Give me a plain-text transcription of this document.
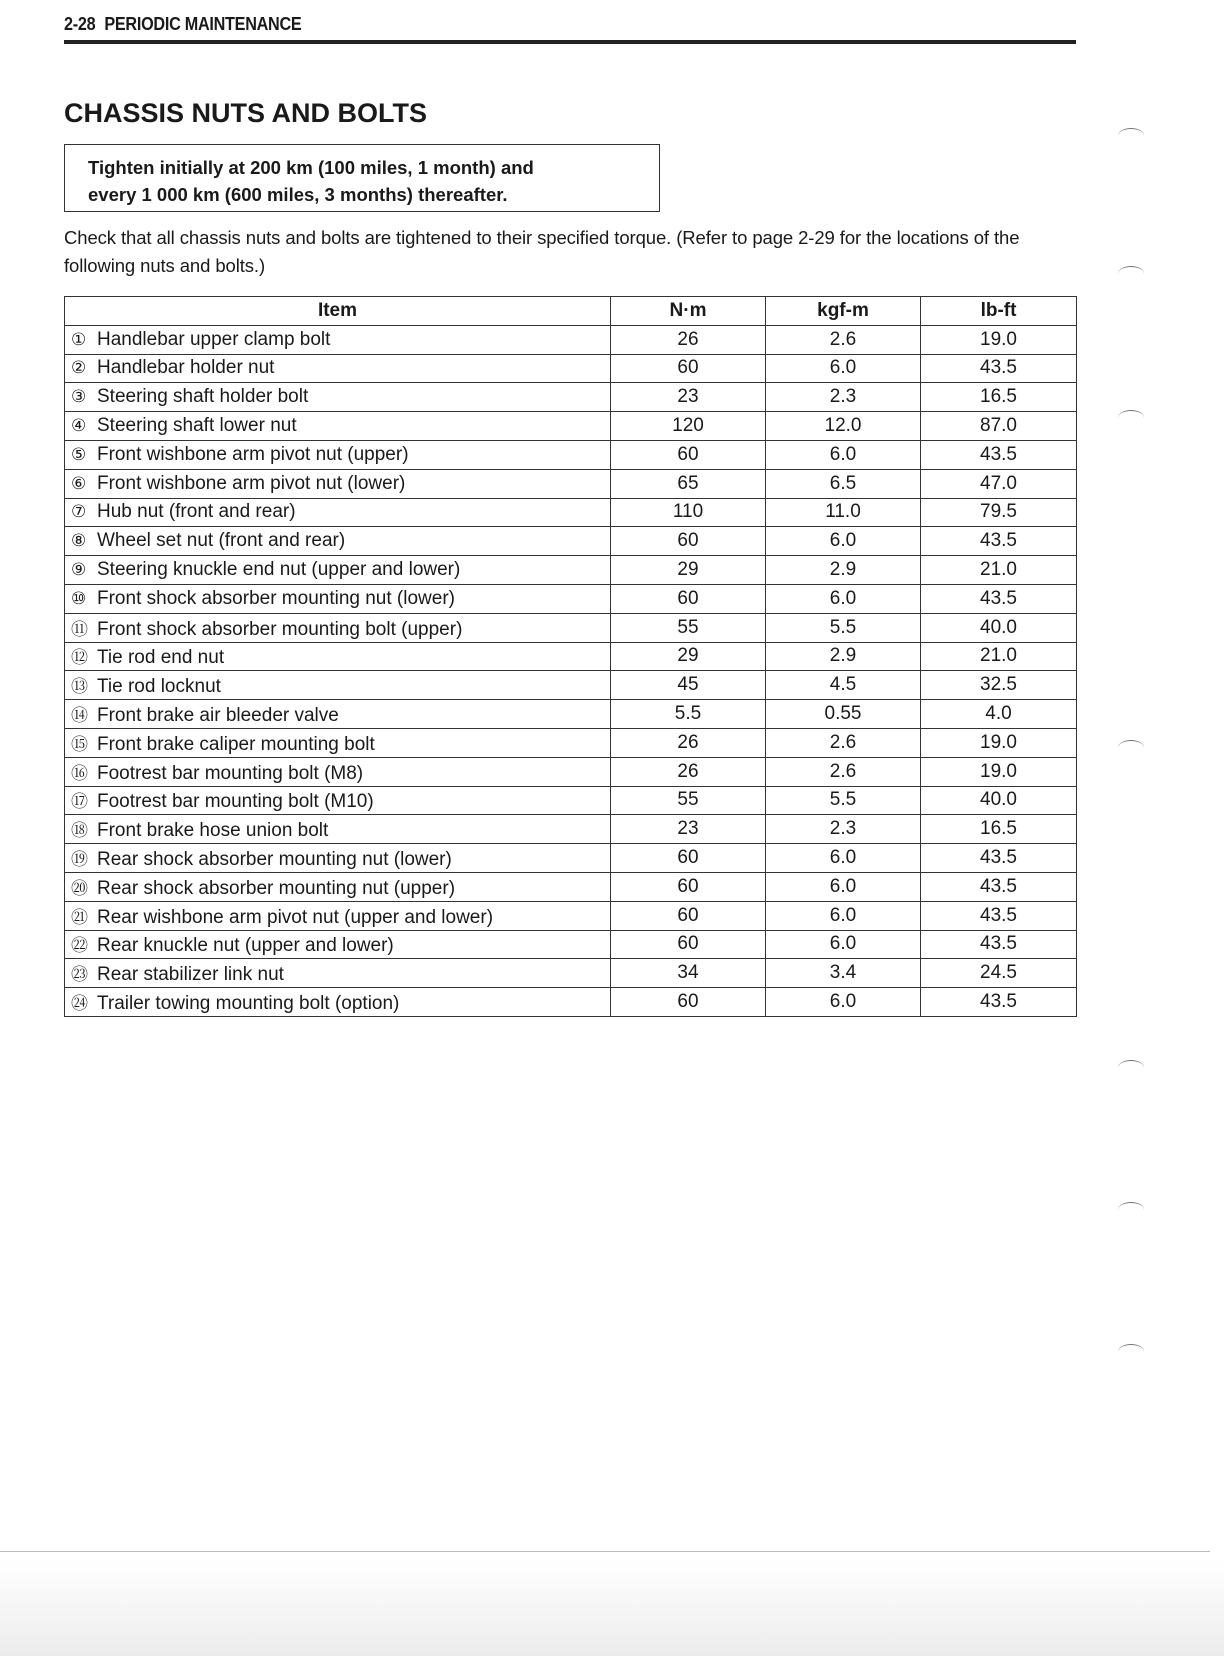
2-28 PERIODIC MAINTENANCE
CHASSIS NUTS AND BOLTS
Tighten initially at 200 km (100 miles, 1 month) and
every 1 000 km (600 miles, 3 months) thereafter.
Check that all chassis nuts and bolts are tightened to their specified torque. (Refer to page 2-29 for the locations of the following nuts and bolts.)
Item	N·m	kgf-m	lb-ft
① Handlebar upper clamp bolt	26	2.6	19.0
② Handlebar holder nut	60	6.0	43.5
③ Steering shaft holder bolt	23	2.3	16.5
④ Steering shaft lower nut	120	12.0	87.0
⑤ Front wishbone arm pivot nut (upper)	60	6.0	43.5
⑥ Front wishbone arm pivot nut (lower)	65	6.5	47.0
⑦ Hub nut (front and rear)	110	11.0	79.5
⑧ Wheel set nut (front and rear)	60	6.0	43.5
⑨ Steering knuckle end nut (upper and lower)	29	2.9	21.0
⑩ Front shock absorber mounting nut (lower)	60	6.0	43.5
⑪ Front shock absorber mounting bolt (upper)	55	5.5	40.0
⑫ Tie rod end nut	29	2.9	21.0
⑬ Tie rod locknut	45	4.5	32.5
⑭ Front brake air bleeder valve	5.5	0.55	4.0
⑮ Front brake caliper mounting bolt	26	2.6	19.0
⑯ Footrest bar mounting bolt (M8)	26	2.6	19.0
⑰ Footrest bar mounting bolt (M10)	55	5.5	40.0
⑱ Front brake hose union bolt	23	2.3	16.5
⑲ Rear shock absorber mounting nut (lower)	60	6.0	43.5
⑳ Rear shock absorber mounting nut (upper)	60	6.0	43.5
㉑ Rear wishbone arm pivot nut (upper and lower)	60	6.0	43.5
㉒ Rear knuckle nut (upper and lower)	60	6.0	43.5
㉓ Rear stabilizer link nut	34	3.4	24.5
㉔ Trailer towing mounting bolt (option)	60	6.0	43.5
